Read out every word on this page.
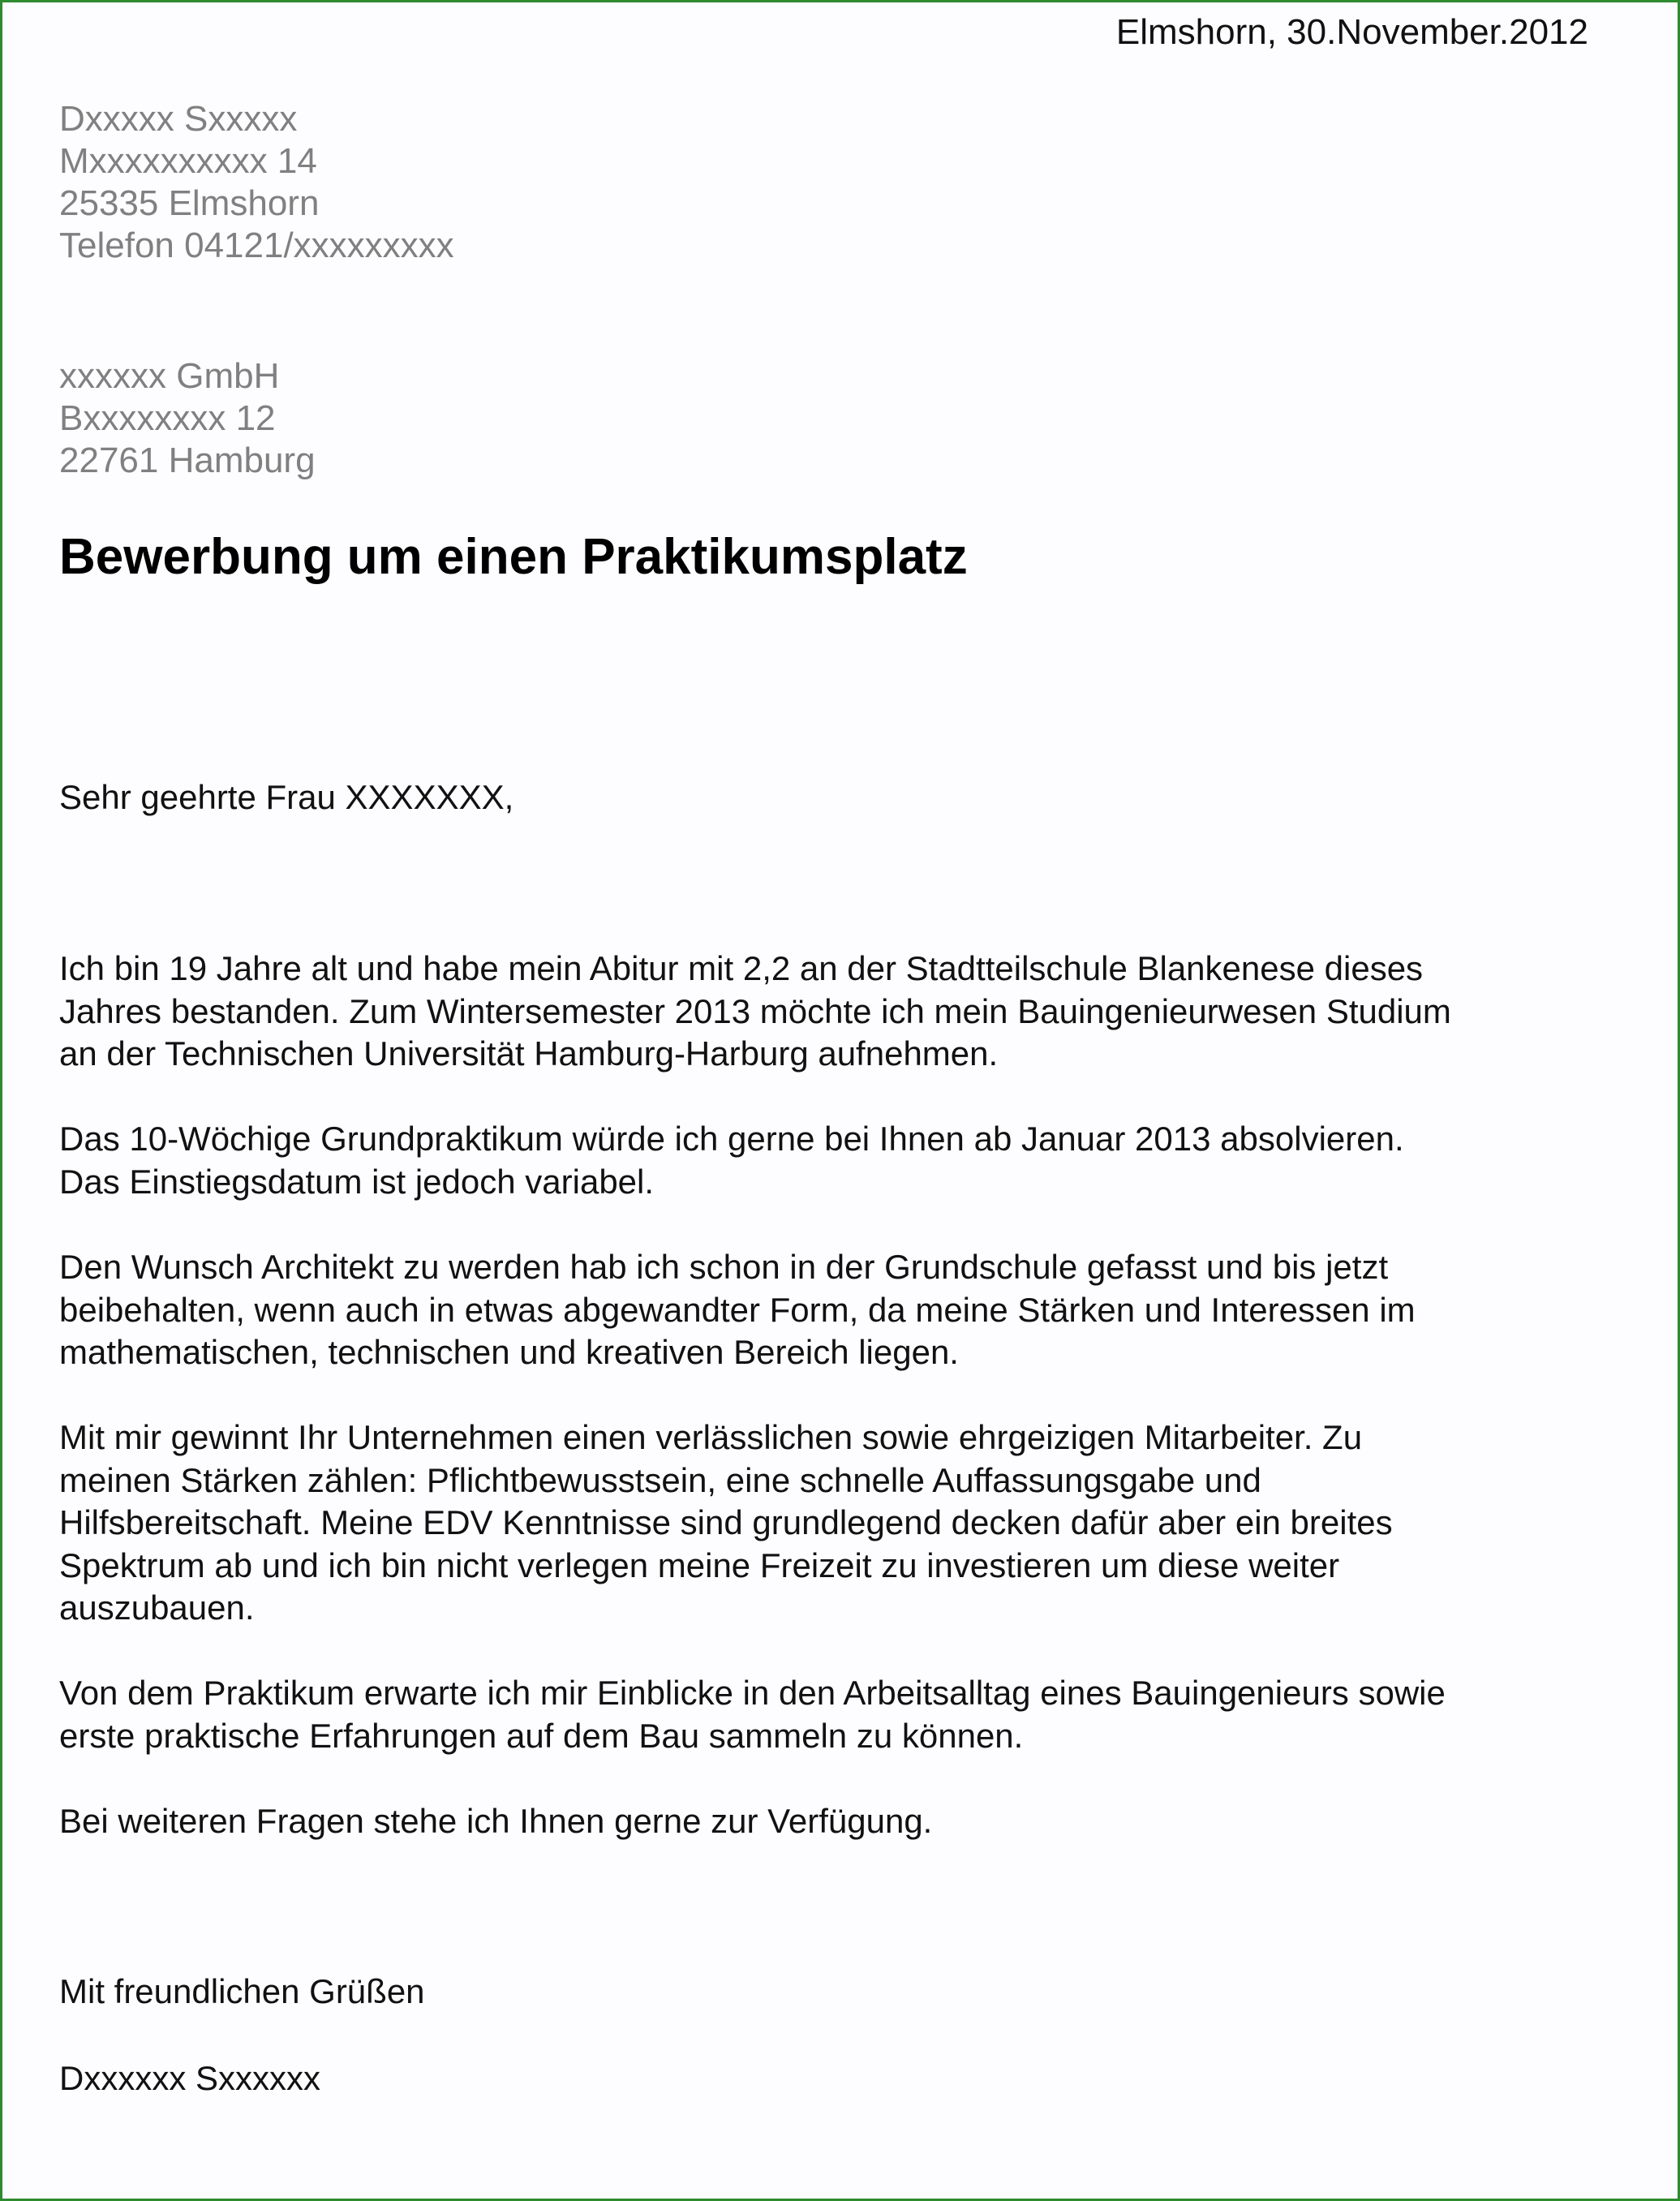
Elmshorn, 30.November.2012
Dxxxxx Sxxxxx
Mxxxxxxxxxx 14
25335 Elmshorn
Telefon 04121/xxxxxxxxx
xxxxxx GmbH
Bxxxxxxxx 12
22761 Hamburg
Bewerbung um einen Praktikumsplatz
Sehr geehrte Frau XXXXXXX,
Ich bin 19 Jahre alt und habe mein Abitur mit 2,2 an der Stadtteilschule Blankenese dieses
Jahres bestanden. Zum Wintersemester 2013 möchte ich mein Bauingenieurwesen Studium
an der Technischen Universität Hamburg-Harburg aufnehmen.
Das 10-Wöchige Grundpraktikum würde ich gerne bei Ihnen ab Januar 2013 absolvieren.
Das Einstiegsdatum ist jedoch variabel.
Den Wunsch Architekt zu werden hab ich schon in der Grundschule gefasst und bis jetzt
beibehalten, wenn auch in etwas abgewandter Form, da meine Stärken und Interessen im
mathematischen, technischen und kreativen Bereich liegen.
Mit mir gewinnt Ihr Unternehmen einen verlässlichen sowie ehrgeizigen Mitarbeiter. Zu
meinen Stärken zählen: Pflichtbewusstsein, eine schnelle Auffassungsgabe und
Hilfsbereitschaft. Meine EDV Kenntnisse sind grundlegend decken dafür aber ein breites
Spektrum ab und ich bin nicht verlegen meine Freizeit zu investieren um diese weiter
auszubauen.
Von dem Praktikum erwarte ich mir Einblicke in den Arbeitsalltag eines Bauingenieurs sowie
erste praktische Erfahrungen auf dem Bau sammeln zu können.
Bei weiteren Fragen stehe ich Ihnen gerne zur Verfügung.
Mit freundlichen Grüßen
Dxxxxxx Sxxxxxx
